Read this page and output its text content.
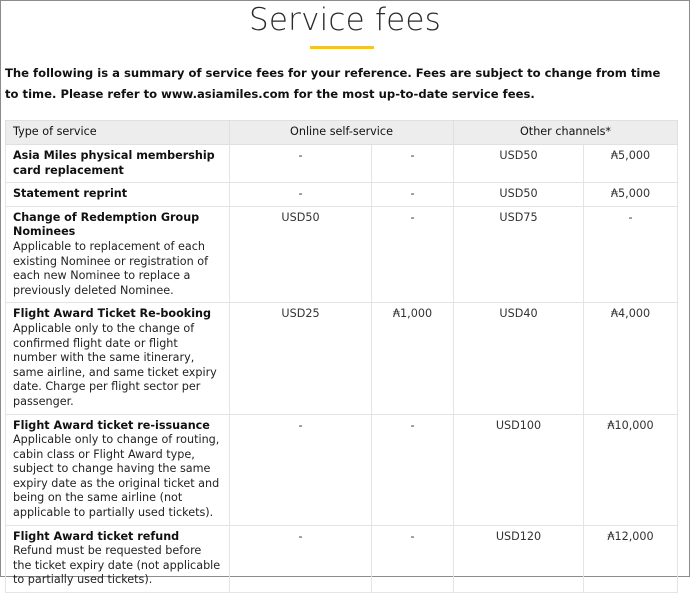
Service fees
The following is a summary of service fees for your reference. Fees are subject to change from time to time. Please refer to www.asiamiles.com for the most up-to-date service fees.
Type of service	Online self-service		Other channels*	

Asia Miles physical membership card replacement	-	-	USD50	₳5,000

Statement reprint	-	-	USD50	₳5,000

Change of Redemption Group Nominees
Applicable to replacement of each existing Nominee or registration of each new Nominee to replace a previously deleted Nominee.	USD50	-	USD75	-

Flight Award Ticket Re-booking
Applicable only to the change of confirmed flight date or flight number with the same itinerary, same airline, and same ticket expiry date. Charge per flight sector per passenger.	USD25	₳1,000	USD40	₳4,000

Flight Award ticket re-issuance
Applicable only to change of routing, cabin class or Flight Award type, subject to change having the same expiry date as the original ticket and being on the same airline (not applicable to partially used tickets).	-	-	USD100	₳10,000

Flight Award ticket refund
Refund must be requested before the ticket expiry date (not applicable to partially used tickets).	-	-	USD120	₳12,000
